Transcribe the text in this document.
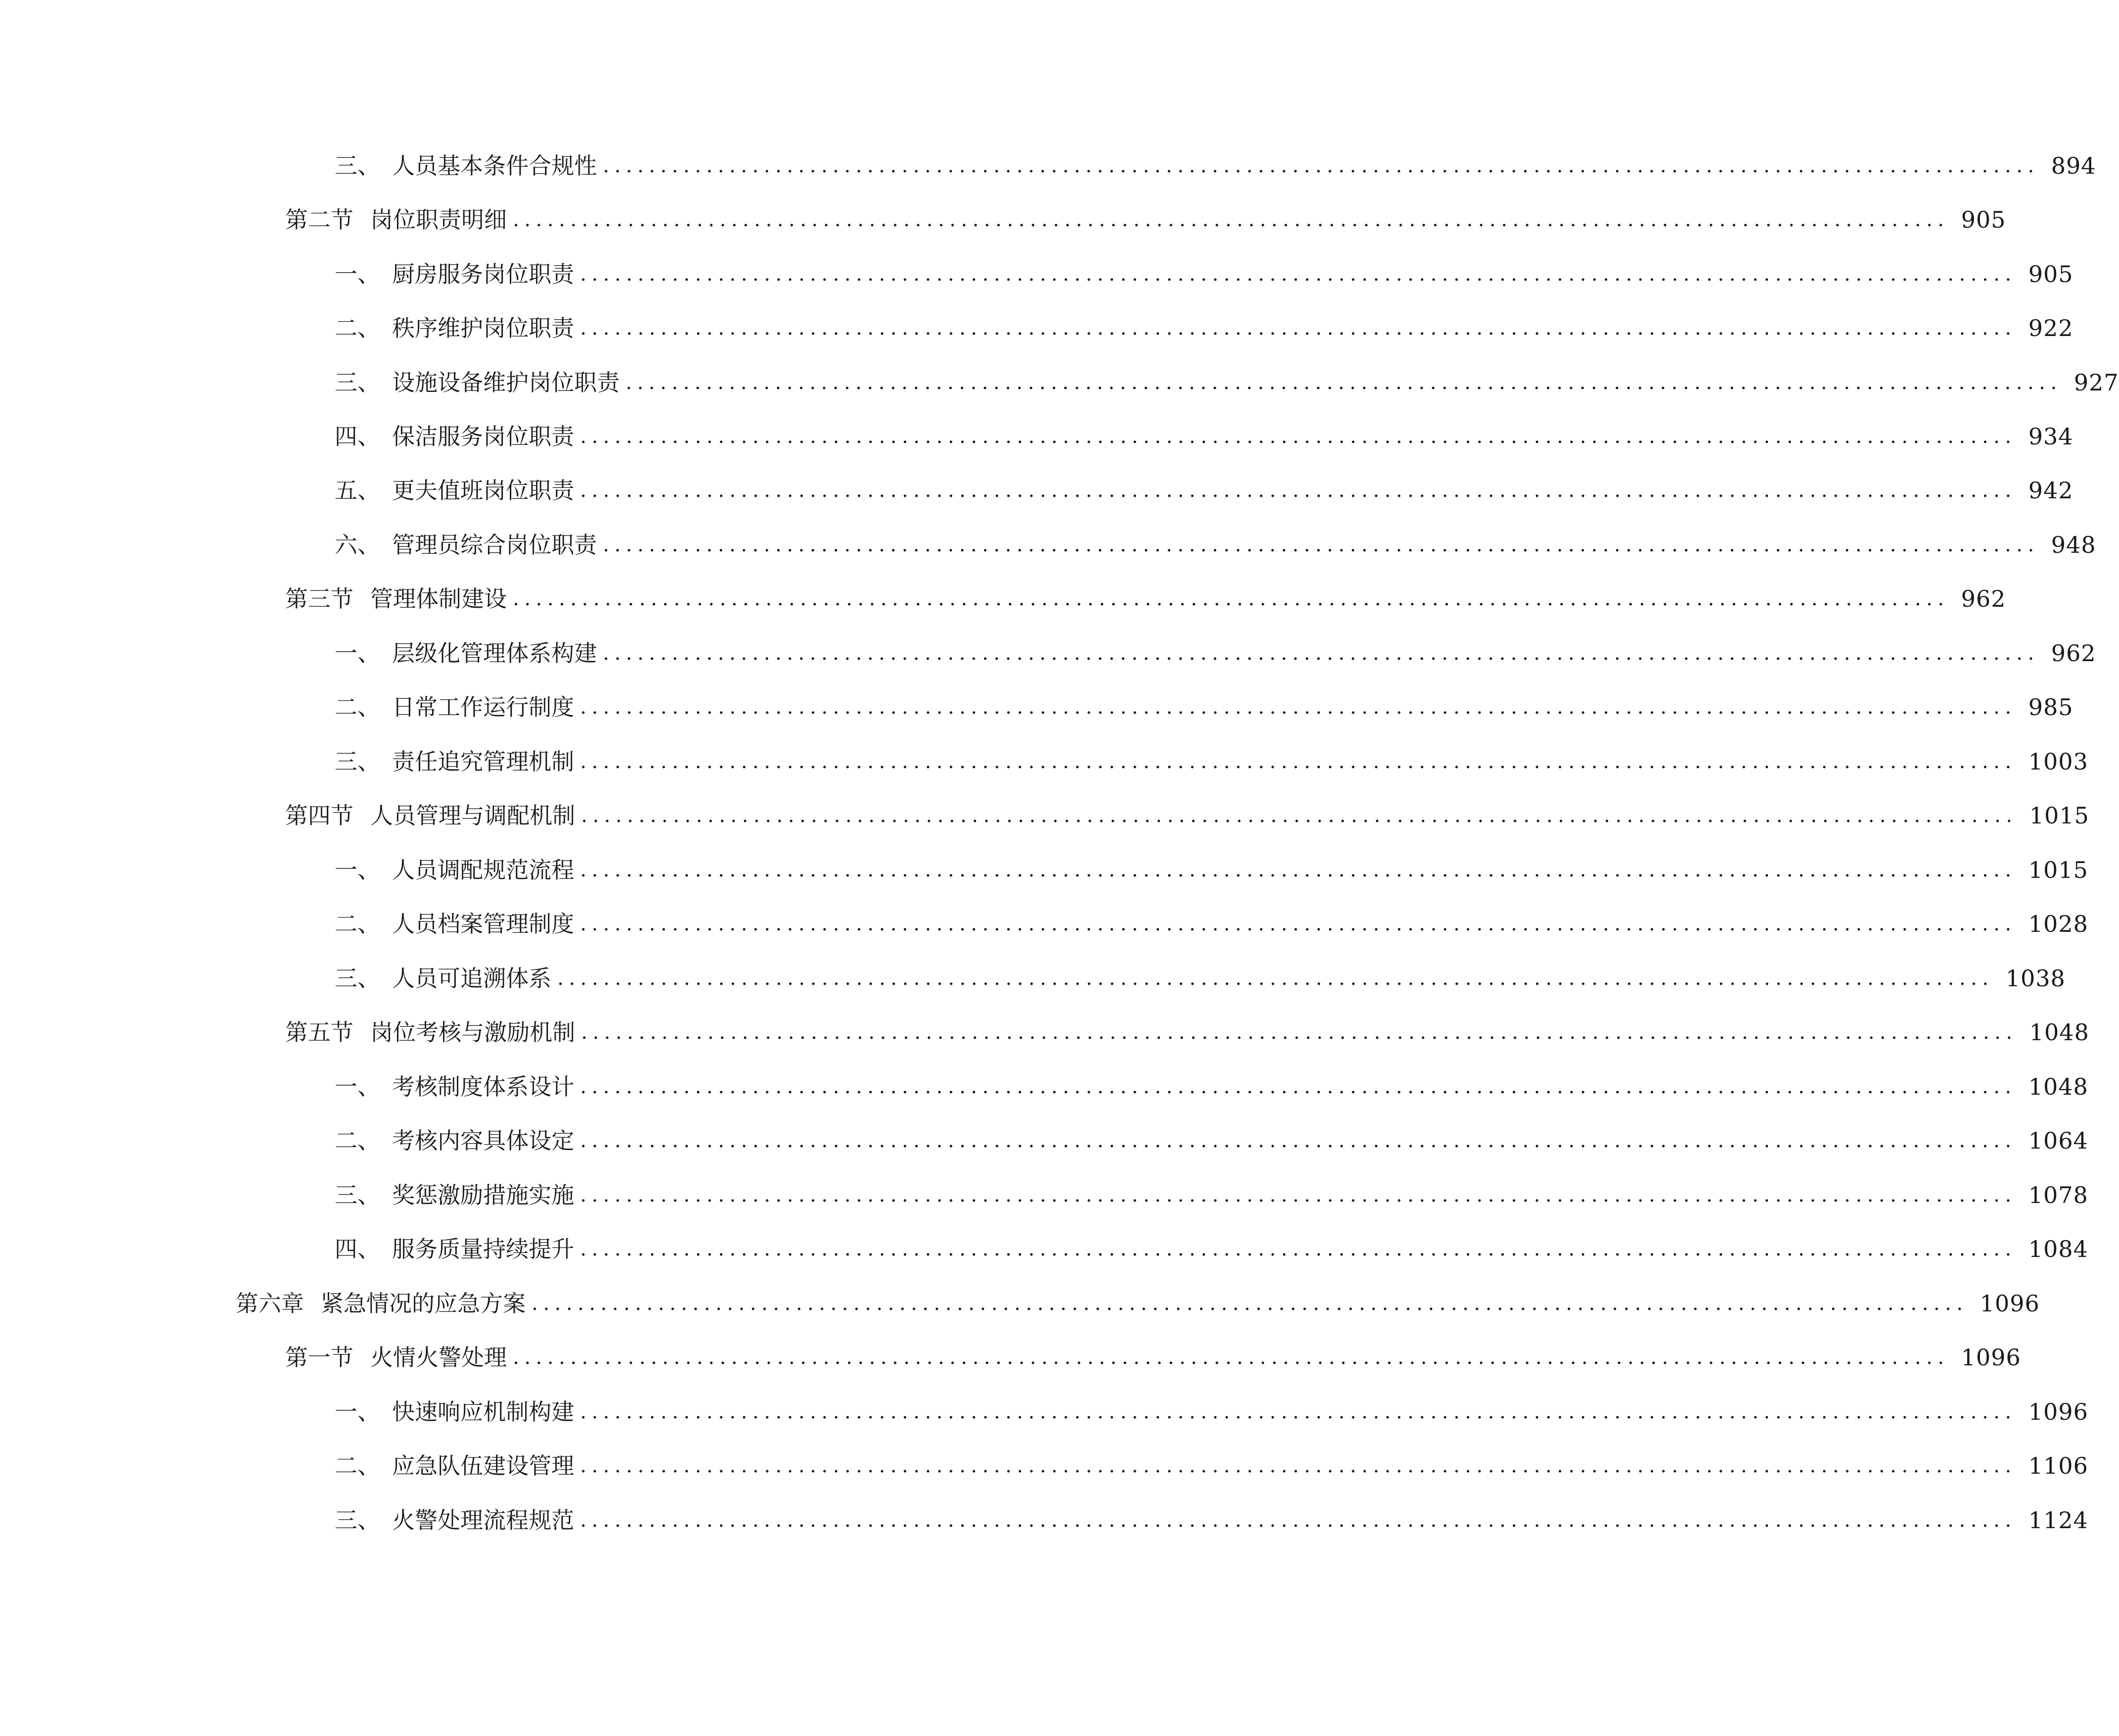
三、 人员基本条件合规性 ............................................................................................................................. 894
第二节 岗位职责明细 ............................................................................................................................. 905
一、 厨房服务岗位职责 ............................................................................................................................. 905
二、 秩序维护岗位职责 ............................................................................................................................. 922
三、 设施设备维护岗位职责 ............................................................................................................................. 927
四、 保洁服务岗位职责 ............................................................................................................................. 934
五、 更夫值班岗位职责 ............................................................................................................................. 942
六、 管理员综合岗位职责 ............................................................................................................................. 948
第三节 管理体制建设 ............................................................................................................................. 962
一、 层级化管理体系构建 ............................................................................................................................. 962
二、 日常工作运行制度 ............................................................................................................................. 985
三、 责任追究管理机制 ............................................................................................................................. 1003
第四节 人员管理与调配机制 ............................................................................................................................. 1015
一、 人员调配规范流程 ............................................................................................................................. 1015
二、 人员档案管理制度 ............................................................................................................................. 1028
三、 人员可追溯体系 ............................................................................................................................. 1038
第五节 岗位考核与激励机制 ............................................................................................................................. 1048
一、 考核制度体系设计 ............................................................................................................................. 1048
二、 考核内容具体设定 ............................................................................................................................. 1064
三、 奖惩激励措施实施 ............................................................................................................................. 1078
四、 服务质量持续提升 ............................................................................................................................. 1084
第六章 紧急情况的应急方案 ............................................................................................................................. 1096
第一节 火情火警处理 ............................................................................................................................. 1096
一、 快速响应机制构建 ............................................................................................................................. 1096
二、 应急队伍建设管理 ............................................................................................................................. 1106
三、 火警处理流程规范 ............................................................................................................................. 1124
